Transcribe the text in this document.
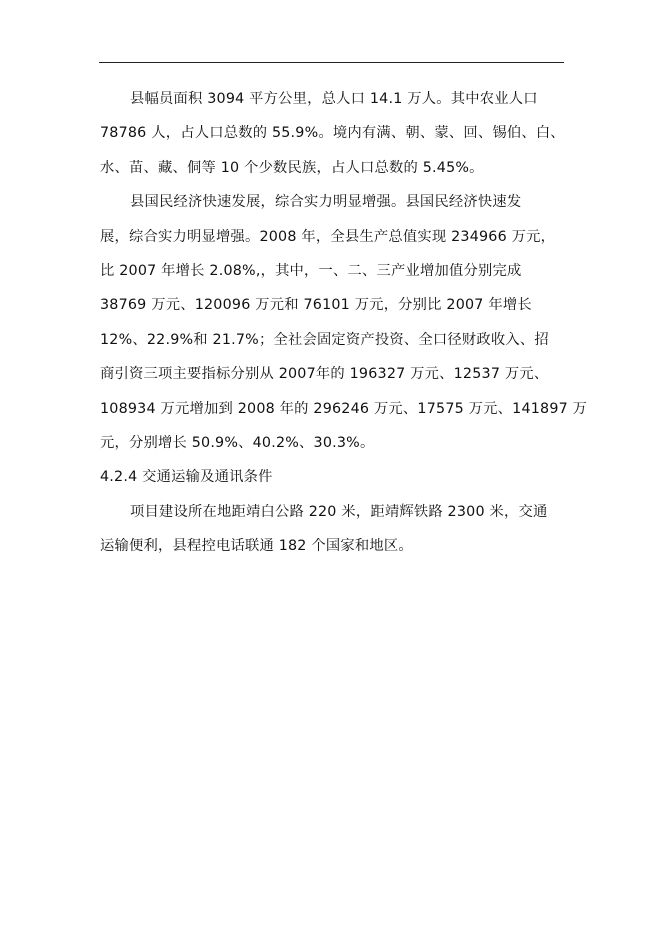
县幅员面积 3094 平方公里，总人口 14.1 万人。其中农业人口
78786 人，占人口总数的 55.9%。境内有满、朝、蒙、回、锡伯、白、
水、苗、藏、侗等 10 个少数民族，占人口总数的 5.45%。
县国民经济快速发展，综合实力明显增强。县国民经济快速发
展，综合实力明显增强。2008 年，全县生产总值实现 234966 万元，
比 2007 年增长 2.08%,，其中，一、二、三产业增加值分别完成
38769 万元、120096 万元和 76101 万元，分别比 2007 年增长
12%、22.9%和 21.7%；全社会固定资产投资、全口径财政收入、招
商引资三项主要指标分别从 2007年的 196327 万元、12537 万元、
108934 万元增加到 2008 年的 296246 万元、17575 万元、141897 万
元，分别增长 50.9%、40.2%、30.3%。
4.2.4 交通运输及通讯条件
项目建设所在地距靖白公路 220 米，距靖辉铁路 2300 米，交通
运输便利，县程控电话联通 182 个国家和地区。
